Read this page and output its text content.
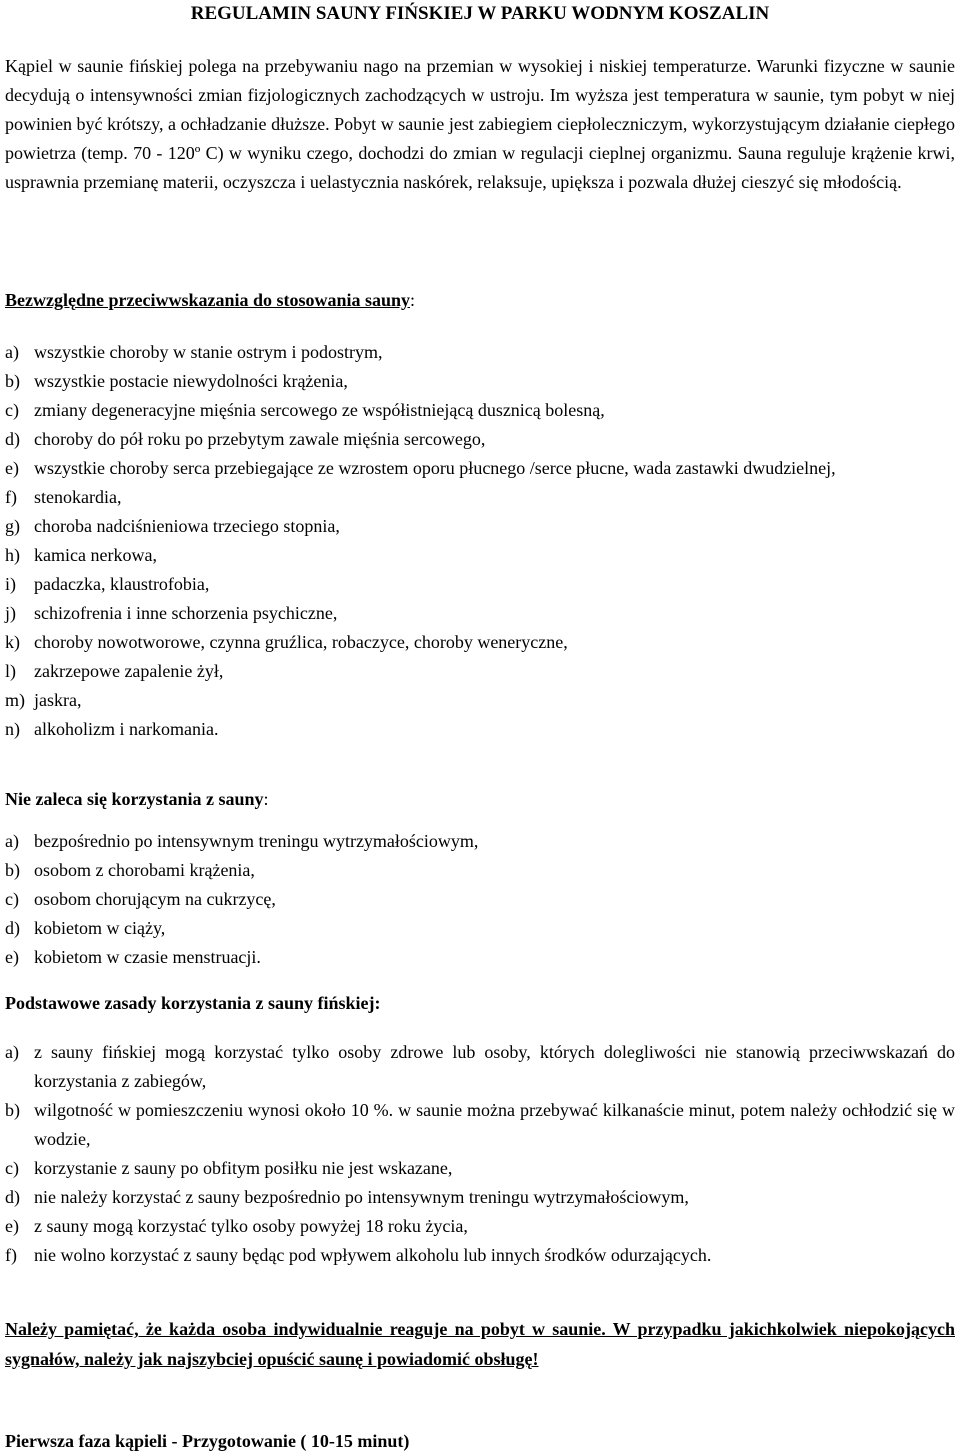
REGULAMIN SAUNY FIŃSKIEJ W PARKU WODNYM KOSZALIN

Kąpiel w saunie fińskiej polega na przebywaniu nago na przemian w wysokiej i niskiej temperaturze. Warunki fizyczne w saunie decydują o intensywności zmian fizjologicznych zachodzących w ustroju. Im wyższa jest temperatura w saunie, tym pobyt w niej powinien być krótszy, a ochładzanie dłuższe. Pobyt w saunie jest zabiegiem ciepłoleczniczym, wykorzystującym działanie ciepłego powietrza (temp. 70 - 120º C) w wyniku czego, dochodzi do zmian w regulacji cieplnej organizmu. Sauna reguluje krążenie krwi, usprawnia przemianę materii, oczyszcza i uelastycznia naskórek, relaksuje, upiększa i pozwala dłużej cieszyć się młodością.

Bezwzględne przeciwwskazania do stosowania sauny:
a) wszystkie choroby w stanie ostrym i podostrym,
b) wszystkie postacie niewydolności krążenia,
c) zmiany degeneracyjne mięśnia sercowego ze współistniejącą dusznicą bolesną,
d) choroby do pół roku po przebytym zawale mięśnia sercowego,
e) wszystkie choroby serca przebiegające ze wzrostem oporu płucnego /serce płucne, wada zastawki dwudzielnej,
f) stenokardia,
g) choroba nadciśnieniowa trzeciego stopnia,
h) kamica nerkowa,
i) padaczka, klaustrofobia,
j) schizofrenia i inne schorzenia psychiczne,
k) choroby nowotworowe, czynna gruźlica, robaczyce, choroby weneryczne,
l) zakrzepowe zapalenie żył,
m) jaskra,
n) alkoholizm i narkomania.
Nie zaleca się korzystania z sauny:
a) bezpośrednio po intensywnym treningu wytrzymałościowym,
b) osobom z chorobami krążenia,
c) osobom chorującym na cukrzycę,
d) kobietom w ciąży,
e) kobietom w czasie menstruacji.
Podstawowe zasady korzystania z sauny fińskiej:
a) z sauny fińskiej mogą korzystać tylko osoby zdrowe lub osoby, których dolegliwości nie stanowią przeciwwskazań do korzystania z zabiegów,
b) wilgotność w pomieszczeniu wynosi około 10 %. w saunie można przebywać kilkanaście minut, potem należy ochłodzić się w wodzie,
c) korzystanie z sauny po obfitym posiłku nie jest wskazane,
d) nie należy korzystać z sauny bezpośrednio po intensywnym treningu wytrzymałościowym,
e) z sauny mogą korzystać tylko osoby powyżej 18 roku życia,
f) nie wolno korzystać z sauny będąc pod wpływem alkoholu lub innych środków odurzających.
Należy pamiętać, że każda osoba indywidualnie reaguje na pobyt w saunie. W przypadku jakichkolwiek niepokojących sygnałów, należy jak najszybciej opuścić saunę i powiadomić obsługę!
Pierwsza faza kąpieli - Przygotowanie ( 10-15 minut)
